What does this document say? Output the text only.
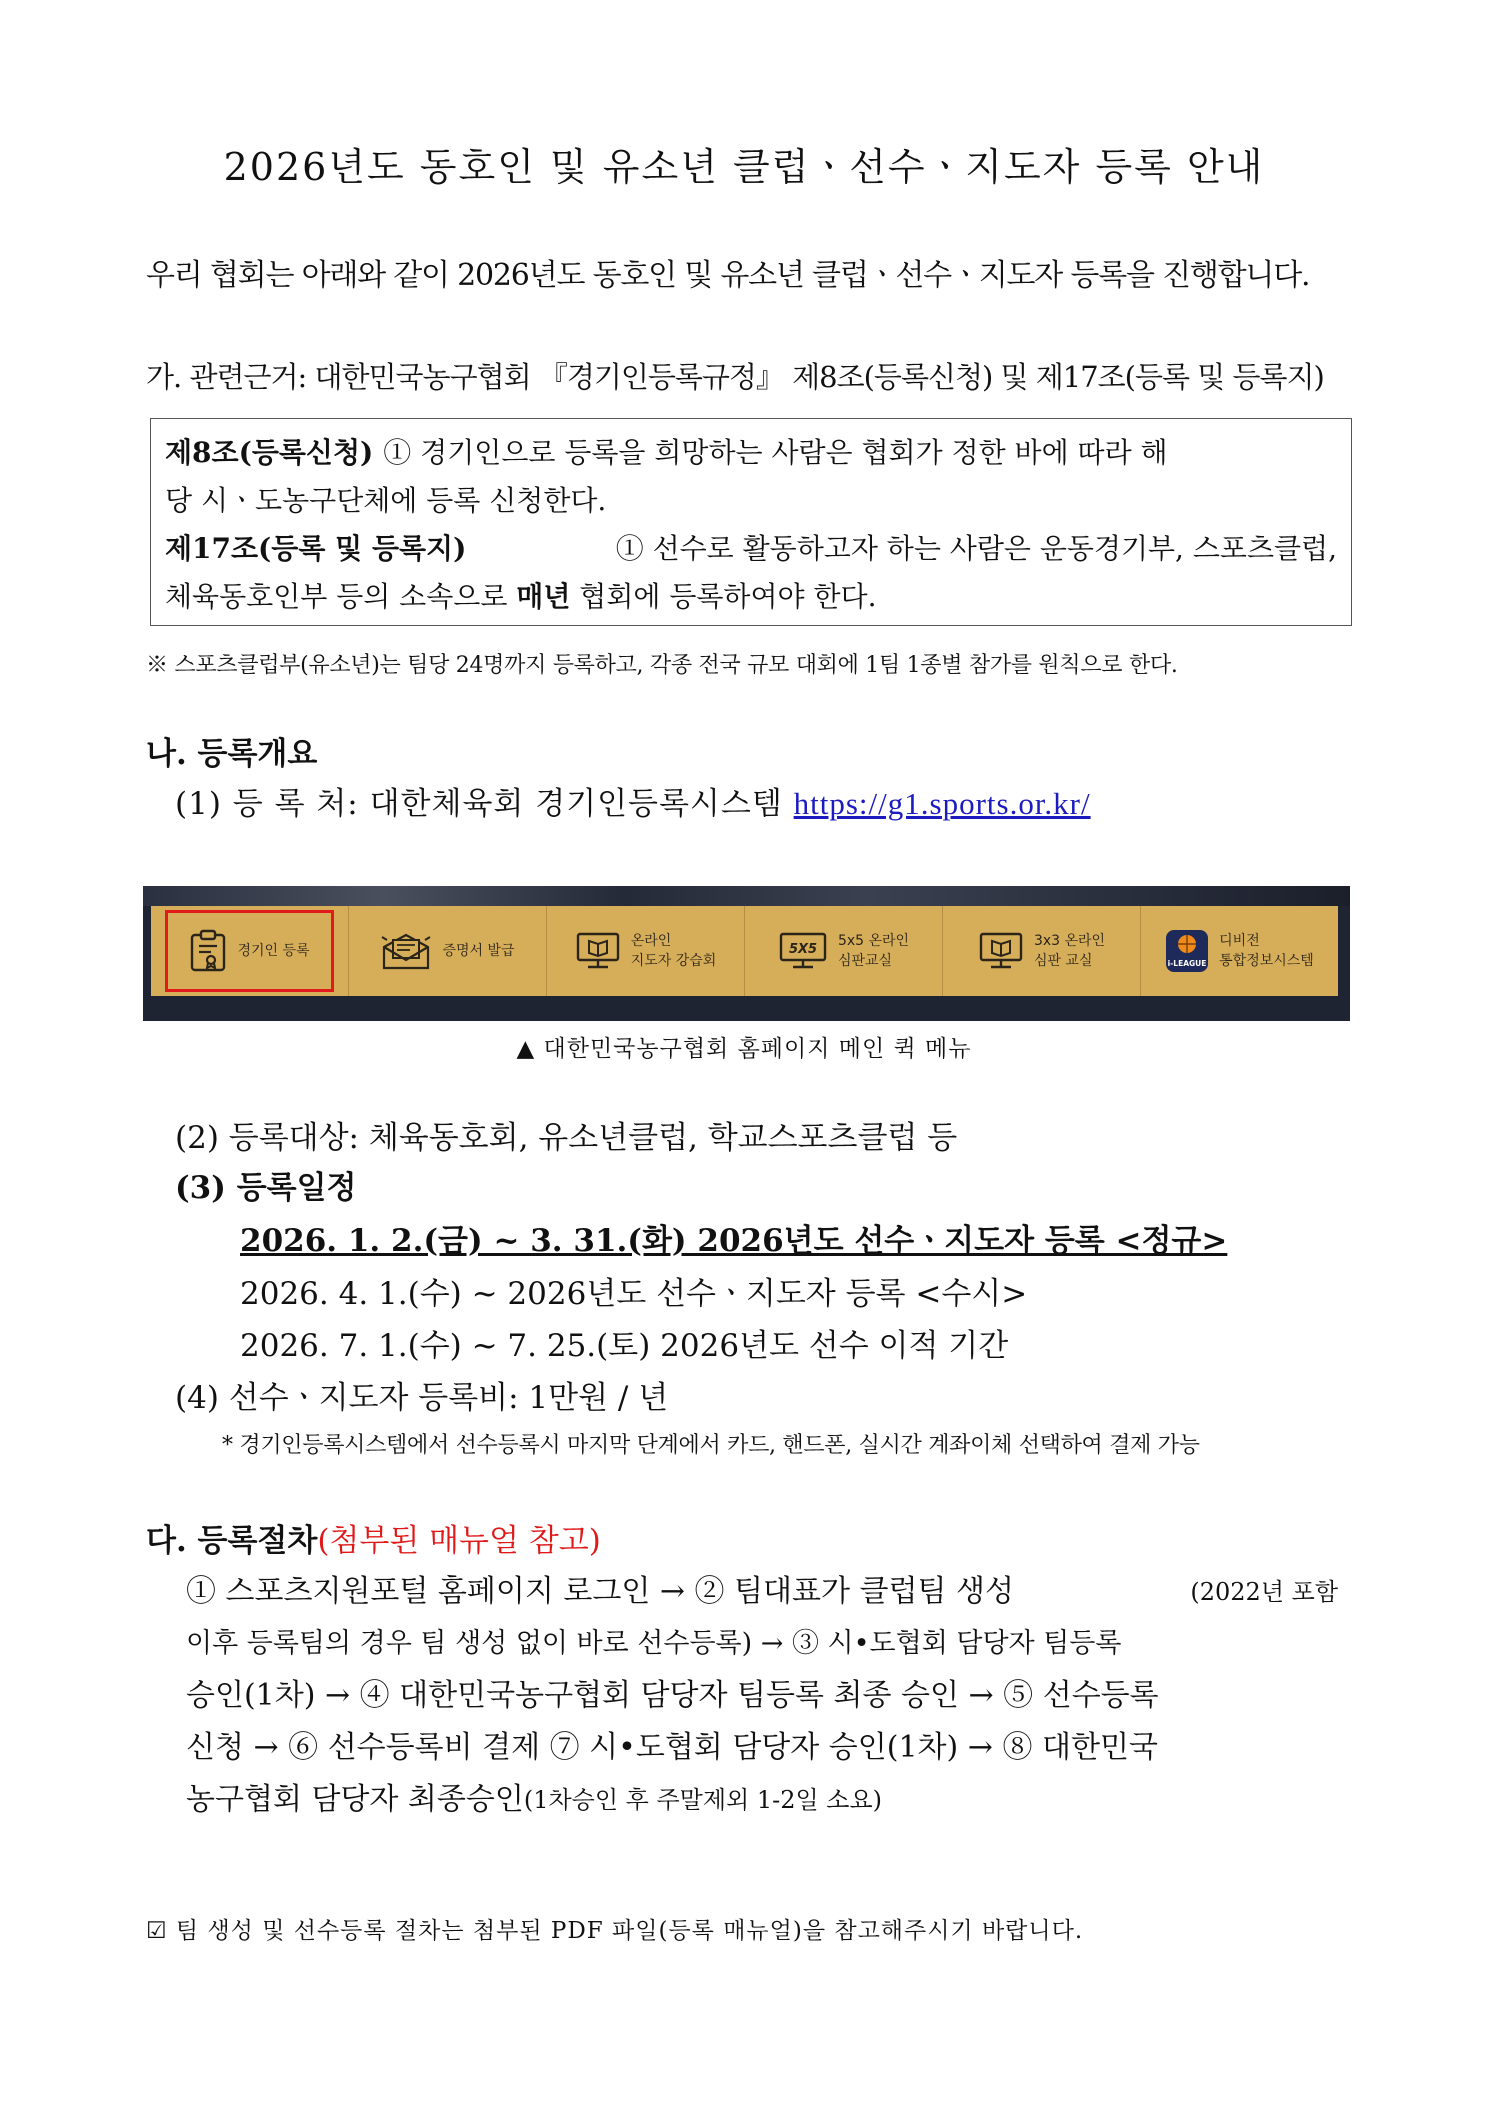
2026년도 동호인 및 유소년 클럽ㆍ선수ㆍ지도자 등록 안내
우리 협회는 아래와 같이 2026년도 동호인 및 유소년 클럽ㆍ선수ㆍ지도자 등록을 진행합니다.
가. 관련근거: 대한민국농구협회 『경기인등록규정』 제8조(등록신청) 및 제17조(등록 및 등록지)
제8조(등록신청) ① 경기인으로 등록을 희망하는 사람은 협회가 정한 바에 따라 해
당 시ㆍ도농구단체에 등록 신청한다.
제17조(등록 및 등록지)	① 선수로 활동하고자 하는 사람은 운동경기부, 스포츠클럽,
체육동호인부 등의 소속으로 매년 협회에 등록하여야 한다.
※ 스포츠클럽부(유소년)는 팀당 24명까지 등록하고, 각종 전국 규모 대회에 1팀 1종별 참가를 원칙으로 한다.
나. 등록개요
(1) 등 록 처: 대한체육회 경기인등록시스템 https://g1.sports.or.kr/
경기인 등록	증명서 발급
온라인
지도자 강습회
5X5
5x5 온라인
심판교실
3x3 온라인
심판 교실	i-LEAGUE
디비전
통합정보시스템
▲ 대한민국농구협회 홈페이지 메인 퀵 메뉴
(2) 등록대상: 체육동호회, 유소년클럽, 학교스포츠클럽 등
(3) 등록일정
2026. 1. 2.(금) ~ 3. 31.(화) 2026년도 선수ㆍ지도자 등록 <정규>
2026. 4. 1.(수) ~ 2026년도 선수ㆍ지도자 등록 <수시>
2026. 7. 1.(수) ~ 7. 25.(토) 2026년도 선수 이적 기간
(4) 선수ㆍ지도자 등록비: 1만원 / 년
* 경기인등록시스템에서 선수등록시 마지막 단계에서 카드, 핸드폰, 실시간 계좌이체 선택하여 결제 가능
다. 등록절차(첨부된 매뉴얼 참고)
① 스포츠지원포털 홈페이지 로그인 → ② 팀대표가 클럽팀 생성	(2022년 포함
이후 등록팀의 경우 팀 생성 없이 바로 선수등록) → ③ 시•도협회 담당자 팀등록
승인(1차) → ④ 대한민국농구협회 담당자 팀등록 최종 승인 → ⑤ 선수등록
신청 → ⑥ 선수등록비 결제 ⑦ 시•도협회 담당자 승인(1차) → ⑧ 대한민국
농구협회 담당자 최종승인 (1차승인 후 주말제외 1-2일 소요)
☑ 팀 생성 및 선수등록 절차는 첨부된 PDF 파일(등록 매뉴얼)을 참고해주시기 바랍니다.
